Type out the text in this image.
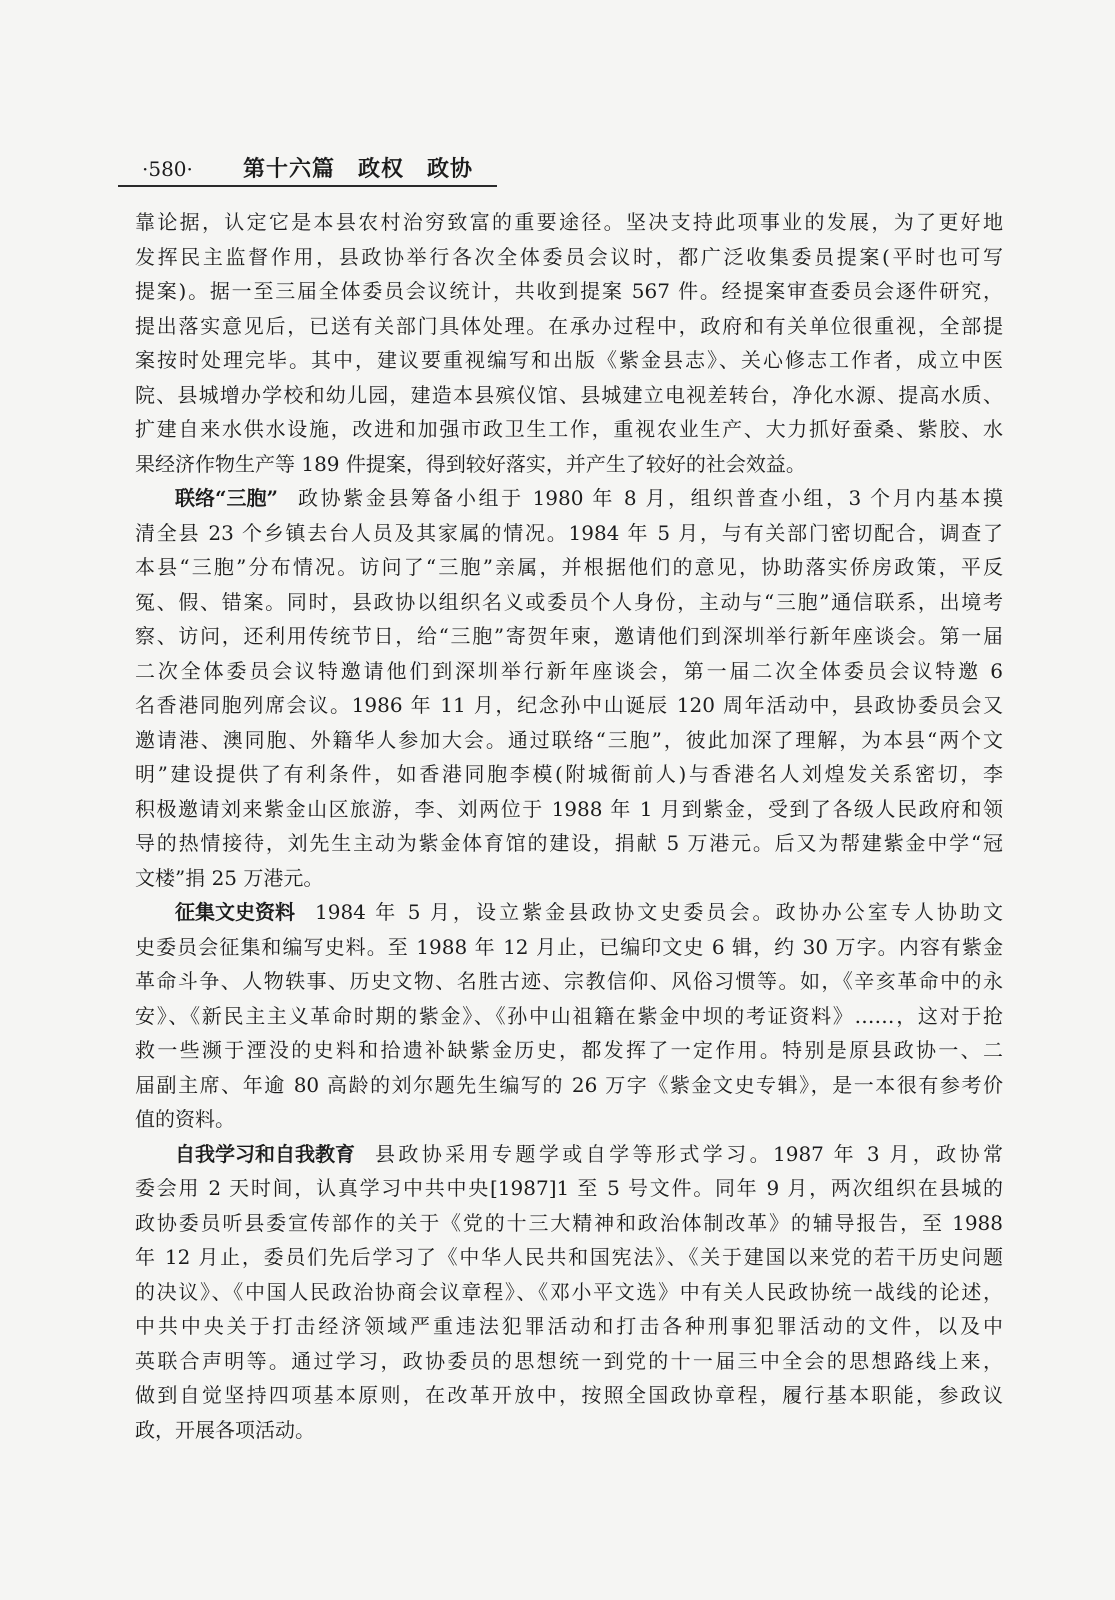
·580· 第十六篇　政权　政协
靠论据，认定它是本县农村治穷致富的重要途径。坚决支持此项事业的发展，为了更好地
发挥民主监督作用，县政协举行各次全体委员会议时，都广泛收集委员提案(平时也可写
提案)。据一至三届全体委员会议统计，共收到提案 567 件。经提案审查委员会逐件研究，
提出落实意见后，已送有关部门具体处理。在承办过程中，政府和有关单位很重视，全部提
案按时处理完毕。其中，建议要重视编写和出版《紫金县志》、关心修志工作者，成立中医
院、县城增办学校和幼儿园，建造本县殡仪馆、县城建立电视差转台，净化水源、提高水质、
扩建自来水供水设施，改进和加强市政卫生工作，重视农业生产、大力抓好蚕桑、紫胶、水
果经济作物生产等 189 件提案，得到较好落实，并产生了较好的社会效益。
联络“三胞” 政协紫金县筹备小组于 1980 年 8 月，组织普查小组，3 个月内基本摸
清全县 23 个乡镇去台人员及其家属的情况。1984 年 5 月，与有关部门密切配合，调查了
本县“三胞”分布情况。访问了“三胞”亲属，并根据他们的意见，协助落实侨房政策，平反
冤、假、错案。同时，县政协以组织名义或委员个人身份，主动与“三胞”通信联系，出境考
察、访问，还利用传统节日，给“三胞”寄贺年柬，邀请他们到深圳举行新年座谈会。第一届
二次全体委员会议特邀请他们到深圳举行新年座谈会，第一届二次全体委员会议特邀 6
名香港同胞列席会议。1986 年 11 月，纪念孙中山诞辰 120 周年活动中，县政协委员会又
邀请港、澳同胞、外籍华人参加大会。通过联络“三胞”，彼此加深了理解，为本县“两个文
明”建设提供了有利条件，如香港同胞李模(附城衙前人)与香港名人刘煌发关系密切，李
积极邀请刘来紫金山区旅游，李、刘两位于 1988 年 1 月到紫金，受到了各级人民政府和领
导的热情接待，刘先生主动为紫金体育馆的建设，捐献 5 万港元。后又为帮建紫金中学“冠
文楼”捐 25 万港元。
征集文史资料 1984 年 5 月，设立紫金县政协文史委员会。政协办公室专人协助文
史委员会征集和编写史料。至 1988 年 12 月止，已编印文史 6 辑，约 30 万字。内容有紫金
革命斗争、人物轶事、历史文物、名胜古迹、宗教信仰、风俗习惯等。如，《辛亥革命中的永
安》、《新民主主义革命时期的紫金》、《孙中山祖籍在紫金中坝的考证资料》……，这对于抢
救一些濒于湮没的史料和拾遗补缺紫金历史，都发挥了一定作用。特别是原县政协一、二
届副主席、年逾 80 高龄的刘尔题先生编写的 26 万字《紫金文史专辑》，是一本很有参考价
值的资料。
自我学习和自我教育 县政协采用专题学或自学等形式学习。1987 年 3 月，政协常
委会用 2 天时间，认真学习中共中央[1987]1 至 5 号文件。同年 9 月，两次组织在县城的
政协委员听县委宣传部作的关于《党的十三大精神和政治体制改革》的辅导报告，至 1988
年 12 月止，委员们先后学习了《中华人民共和国宪法》、《关于建国以来党的若干历史问题
的决议》、《中国人民政治协商会议章程》、《邓小平文选》中有关人民政协统一战线的论述，
中共中央关于打击经济领域严重违法犯罪活动和打击各种刑事犯罪活动的文件，以及中
英联合声明等。通过学习，政协委员的思想统一到党的十一届三中全会的思想路线上来，
做到自觉坚持四项基本原则，在改革开放中，按照全国政协章程，履行基本职能，参政议
政，开展各项活动。
